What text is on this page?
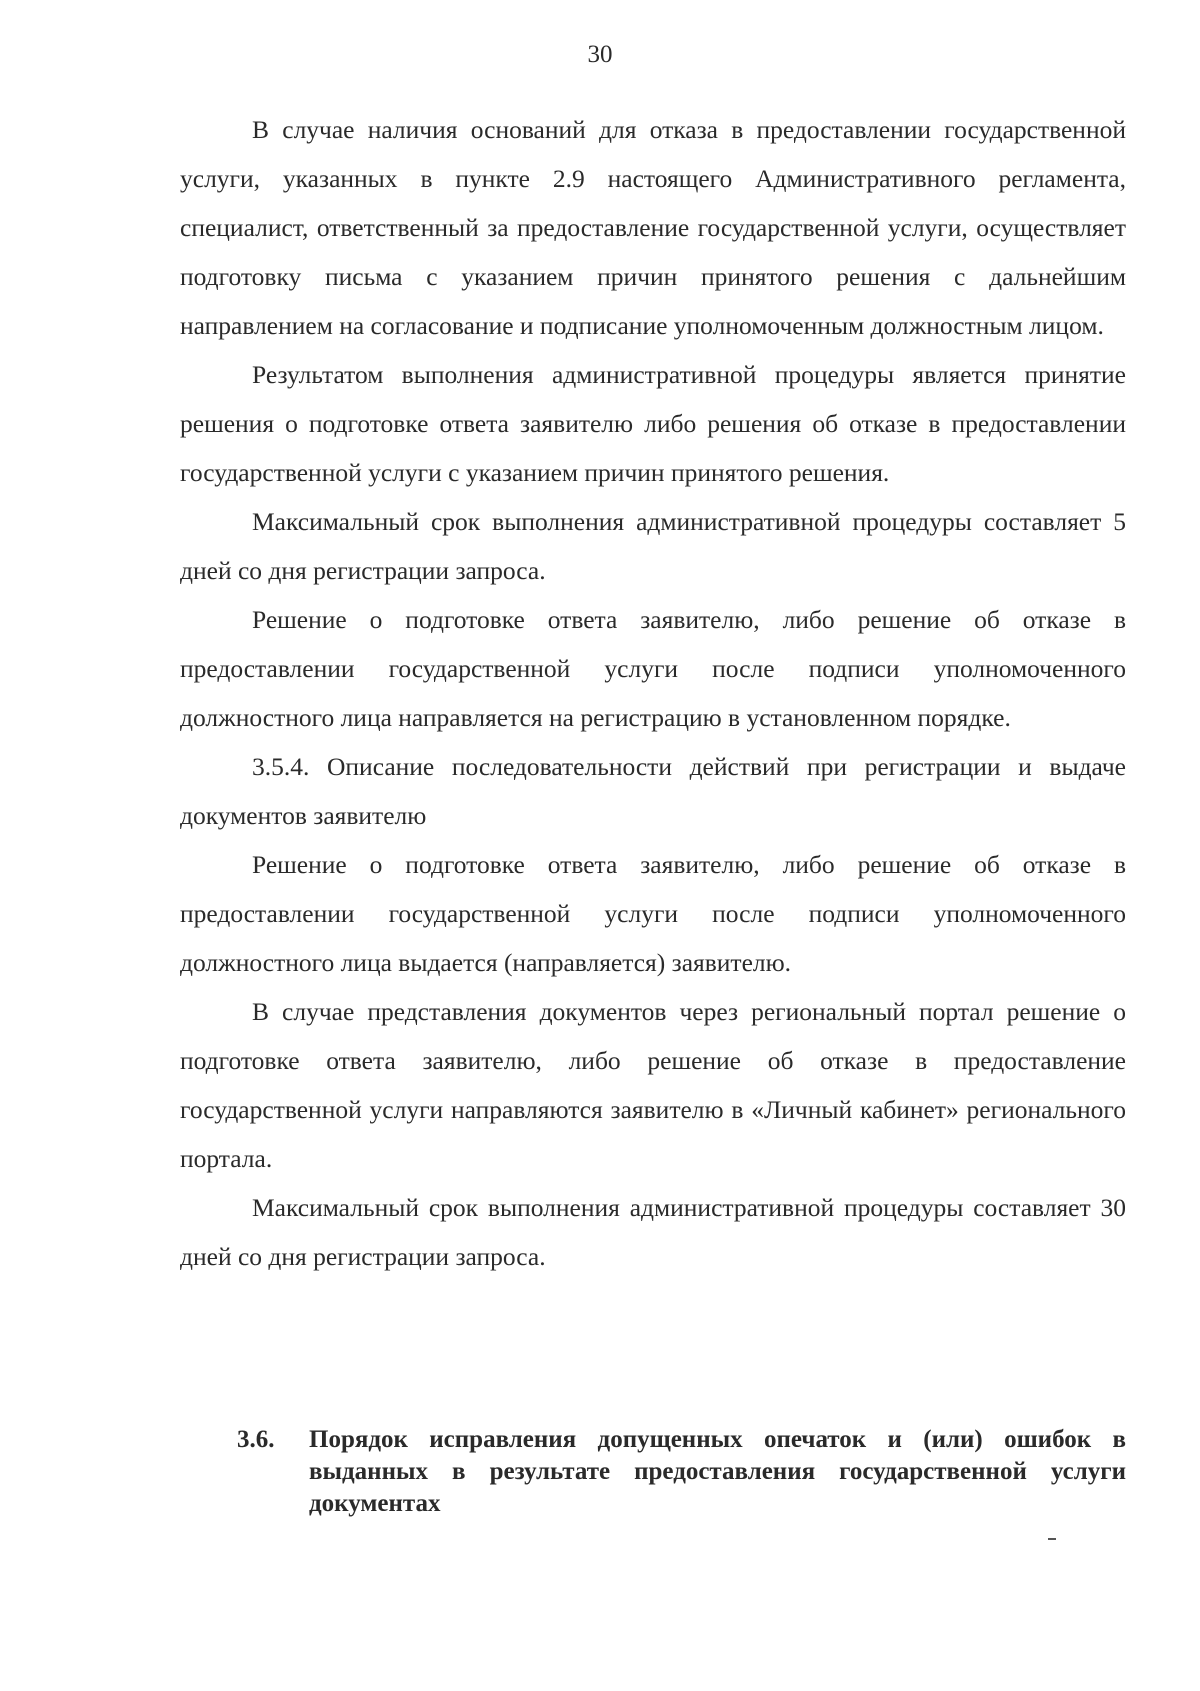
30

В случае наличия оснований для отказа в предоставлении государственной услуги, указанных в пункте 2.9 настоящего Административного регламента, специалист, ответственный за предоставление государственной услуги, осуществляет подготовку письма с указанием причин принятого решения с дальнейшим направлением на согласование и подписание уполномоченным должностным лицом.

Результатом выполнения административной процедуры является принятие решения о подготовке ответа заявителю либо решения об отказе в предоставлении государственной услуги с указанием причин принятого решения.

Максимальный срок выполнения административной процедуры составляет 5 дней со дня регистрации запроса.

Решение о подготовке ответа заявителю, либо решение об отказе в предоставлении государственной услуги после подписи уполномоченного должностного лица направляется на регистрацию в установленном порядке.

3.5.4. Описание последовательности действий при регистрации и выдаче документов заявителю

Решение о подготовке ответа заявителю, либо решение об отказе в предоставлении государственной услуги после подписи уполномоченного должностного лица выдается (направляется) заявителю.

В случае представления документов через региональный портал решение о подготовке ответа заявителю, либо решение об отказе в предоставление государственной услуги направляются заявителю в «Личный кабинет» регионального портала.

Максимальный срок выполнения административной процедуры составляет 30 дней со дня регистрации запроса.

3.6.	Порядок исправления допущенных опечаток и (или) ошибок в выданных в результате предоставления государственной услуги документах
